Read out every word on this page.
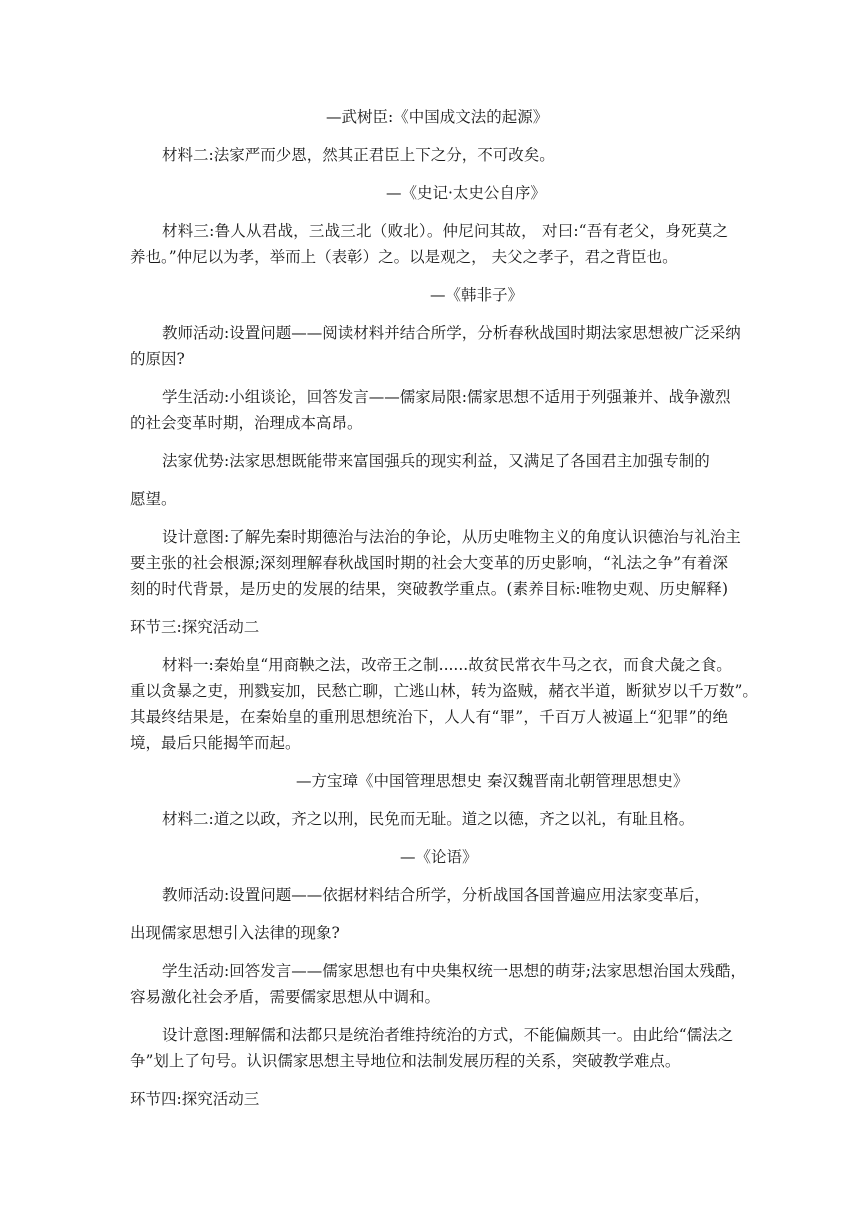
—武树臣:《中国成文法的起源》
材料二:法家严而少恩，然其正君臣上下之分，不可改矣。
—《史记·太史公自序》
材料三:鲁人从君战，三战三北（败北）。仲尼问其故， 对曰:“吾有老父，身死莫之
养也。”仲尼以为孝，举而上（表彰）之。以是观之， 夫父之孝子，君之背臣也。
—《韩非子》
教师活动:设置问题——阅读材料并结合所学，分析春秋战国时期法家思想被广泛采纳
的原因?
学生活动:小组谈论，回答发言——儒家局限:儒家思想不适用于列强兼并、战争激烈
的社会变革时期，治理成本高昂。
法家优势:法家思想既能带来富国强兵的现实利益，又满足了各国君主加强专制的
愿望。
设计意图:了解先秦时期德治与法治的争论，从历史唯物主义的角度认识德治与礼治主
要主张的社会根源;深刻理解春秋战国时期的社会大变革的历史影响，“礼法之争”有着深
刻的时代背景，是历史的发展的结果，突破教学重点。(素养目标:唯物史观、历史解释)
环节三:探究活动二
材料一:秦始皇“用商鞅之法，改帝王之制......故贫民常衣牛马之衣，而食犬彘之食。
重以贪暴之吏，刑戮妄加，民愁亡聊，亡逃山林，转为盗贼，赭衣半道，断狱岁以千万数”。
其最终结果是，在秦始皇的重刑思想统治下，人人有“罪”，千百万人被逼上“犯罪”的绝
境，最后只能揭竿而起。
—方宝璋《中国管理思想史 秦汉魏晋南北朝管理思想史》
材料二:道之以政，齐之以刑，民免而无耻。道之以德，齐之以礼，有耻且格。
—《论语》
教师活动:设置问题——依据材料结合所学，分析战国各国普遍应用法家变革后，
出现儒家思想引入法律的现象?
学生活动:回答发言——儒家思想也有中央集权统一思想的萌芽;法家思想治国太残酷，
容易激化社会矛盾，需要儒家思想从中调和。
设计意图:理解儒和法都只是统治者维持统治的方式，不能偏颇其一。由此给“儒法之
争”划上了句号。认识儒家思想主导地位和法制发展历程的关系，突破教学难点。
环节四:探究活动三
